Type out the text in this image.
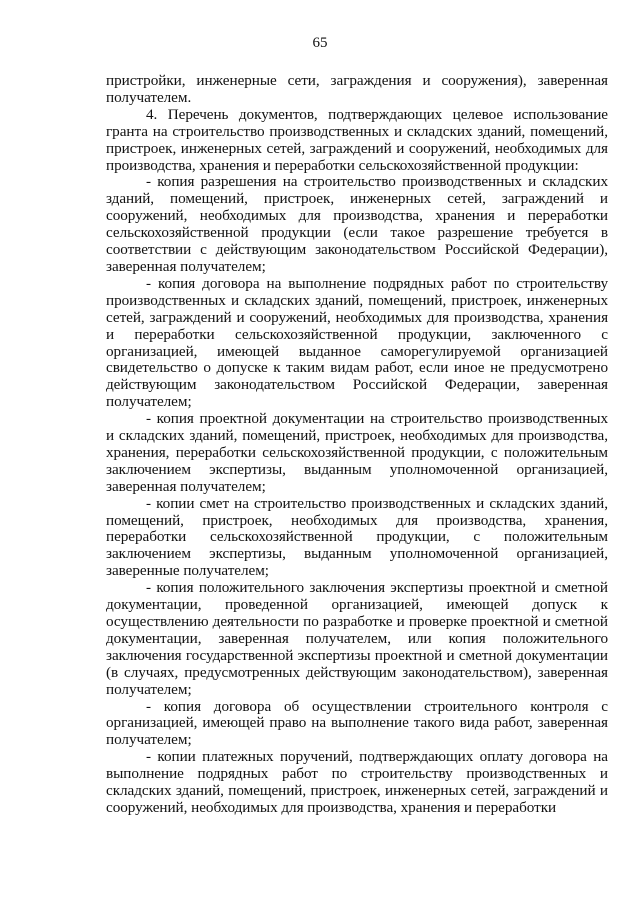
65

пристройки, инженерные сети, заграждения и сооружения), заверенная получателем.

4. Перечень документов, подтверждающих целевое использование гранта на строительство производственных и складских зданий, помещений, пристроек, инженерных сетей, заграждений и сооружений, необходимых для производства, хранения и переработки сельскохозяйственной продукции:

- копия разрешения на строительство производственных и складских зданий, помещений, пристроек, инженерных сетей, заграждений и сооружений, необходимых для производства, хранения и переработки сельскохозяйственной продукции (если такое разрешение требуется в соответствии с действующим законодательством Российской Федерации), заверенная получателем;

- копия договора на выполнение подрядных работ по строительству производственных и складских зданий, помещений, пристроек, инженерных сетей, заграждений и сооружений, необходимых для производства, хранения и переработки сельскохозяйственной продукции, заключенного с организацией, имеющей выданное саморегулируемой организацией свидетельство о допуске к таким видам работ, если иное не предусмотрено действующим законодательством Российской Федерации, заверенная получателем;

- копия проектной документации на строительство производственных и складских зданий, помещений, пристроек, необходимых для производства, хранения, переработки сельскохозяйственной продукции, с положительным заключением экспертизы, выданным уполномоченной организацией, заверенная получателем;

- копии смет на строительство производственных и складских зданий, помещений, пристроек, необходимых для производства, хранения, переработки сельскохозяйственной продукции, с положительным заключением экспертизы, выданным уполномоченной организацией, заверенные получателем;

- копия положительного заключения экспертизы проектной и сметной документации, проведенной организацией, имеющей допуск к осуществлению деятельности по разработке и проверке проектной и сметной документации, заверенная получателем, или копия положительного заключения государственной экспертизы проектной и сметной документации (в случаях, предусмотренных действующим законодательством), заверенная получателем;

- копия договора об осуществлении строительного контроля с организацией, имеющей право на выполнение такого вида работ, заверенная получателем;

- копии платежных поручений, подтверждающих оплату договора на выполнение подрядных работ по строительству производственных и складских зданий, помещений, пристроек, инженерных сетей, заграждений и сооружений, необходимых для производства, хранения и переработки
